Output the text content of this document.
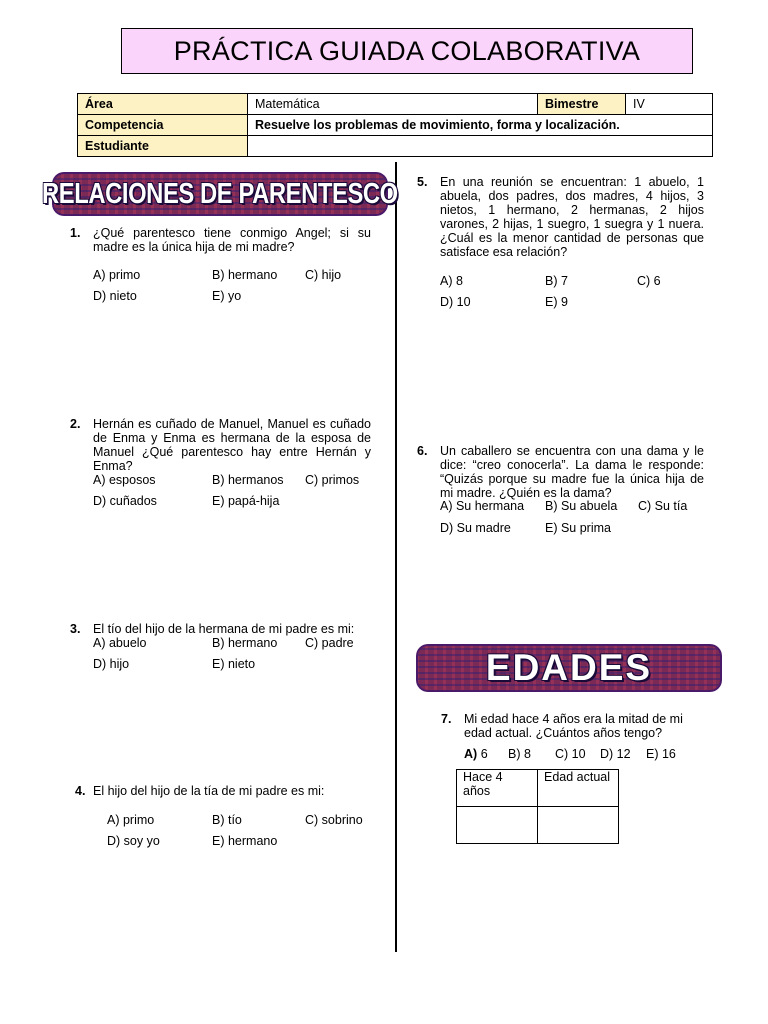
PRÁCTICA GUIADA COLABORATIVA
Área	Matemática	Bimestre	IV
Competencia	Resuelve los problemas de movimiento, forma y localización.		
Estudiante			
RELACIONES DE PARENTESCO
1. ¿Qué parentesco tiene conmigo Angel; si su madre es la única hija de mi madre?
A) primo	B) hermano C) hijo
D) nieto	E) yo
2. Hernán es cuñado de Manuel, Manuel es cuñado de Enma y Enma es hermana de la esposa de Manuel ¿Qué parentesco hay entre Hernán y Enma?
A) esposos	B) hermanos C) primos
D) cuñados	E) papá-hija
3. El tío del hijo de la hermana de mi padre es mi:
A) abuelo	B) hermano C) padre
D) hijo	E) nieto
4. El hijo del hijo de la tía de mi padre es mi:
A) primo	B) tío	C) sobrino
D) soy yo	E) hermano
5. En una reunión se encuentran: 1 abuelo, 1 abuela, dos padres, dos madres, 4 hijos, 3 nietos, 1 hermano, 2 hermanas, 2 hijos varones, 2 hijas, 1 suegro, 1 suegra y 1 nuera. ¿Cuál es la menor cantidad de personas que satisface esa relación?
A) 8	B) 7	C) 6
D) 10	E) 9
6. Un caballero se encuentra con una dama y le dice: “creo conocerla”. La dama le responde: “Quizás porque su madre fue la única hija de mi madre. ¿Quién es la dama?
A) Su hermana B) Su abuela C) Su tía
D) Su madre	E) Su prima
EDADES
7. Mi edad hace 4 años era la mitad de mi edad actual. ¿Cuántos años tengo?
A) 6 B) 8 C) 10 D) 12 E) 16
Hace 4 años	Edad actual
